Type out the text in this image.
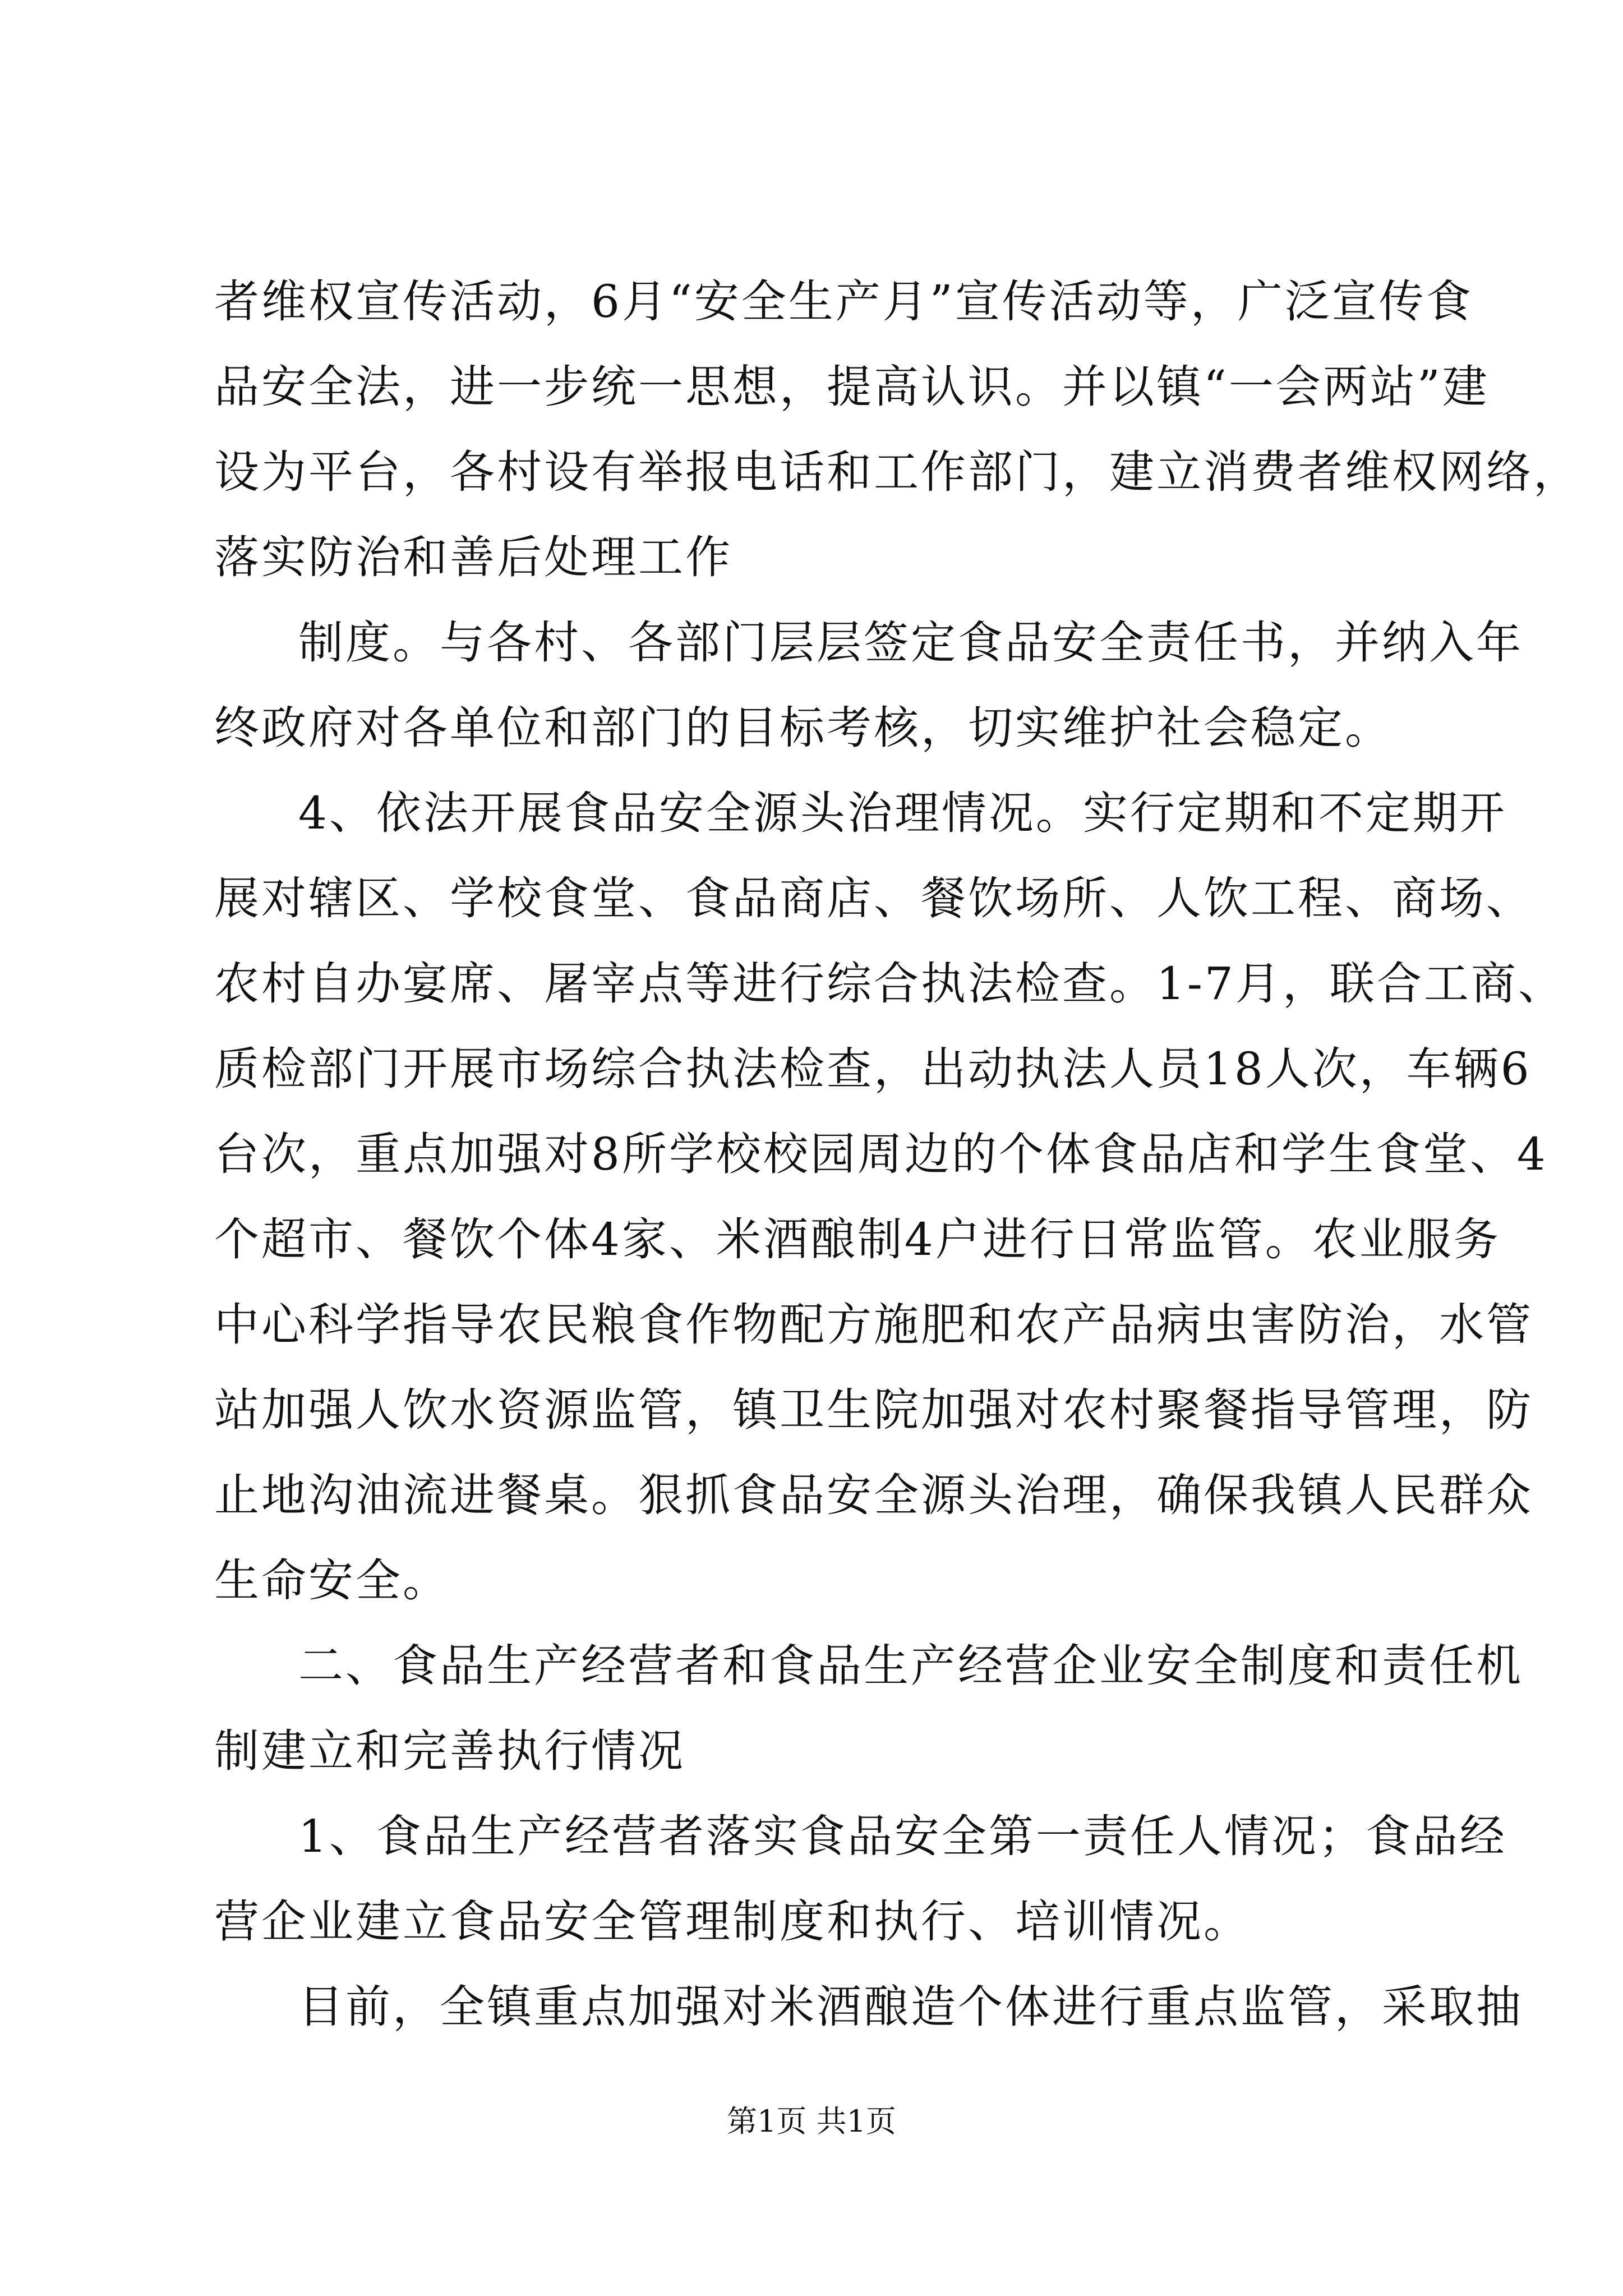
者维权宣传活动，6月“安全生产月”宣传活动等，广泛宣传食
品安全法，进一步统一思想，提高认识。并以镇“一会两站”建
设为平台，各村设有举报电话和工作部门，建立消费者维权网络，
落实防治和善后处理工作
制度。与各村、各部门层层签定食品安全责任书，并纳入年
终政府对各单位和部门的目标考核，切实维护社会稳定。
4、依法开展食品安全源头治理情况。实行定期和不定期开
展对辖区、学校食堂、食品商店、餐饮场所、人饮工程、商场、
农村自办宴席、屠宰点等进行综合执法检查。1-7月，联合工商、
质检部门开展市场综合执法检查，出动执法人员18人次，车辆6
台次，重点加强对8所学校校园周边的个体食品店和学生食堂、4
个超市、餐饮个体4家、米酒酿制4户进行日常监管。农业服务
中心科学指导农民粮食作物配方施肥和农产品病虫害防治，水管
站加强人饮水资源监管，镇卫生院加强对农村聚餐指导管理，防
止地沟油流进餐桌。狠抓食品安全源头治理，确保我镇人民群众
生命安全。
二、食品生产经营者和食品生产经营企业安全制度和责任机
制建立和完善执行情况
1、食品生产经营者落实食品安全第一责任人情况；食品经
营企业建立食品安全管理制度和执行、培训情况。
目前，全镇重点加强对米酒酿造个体进行重点监管，采取抽
第1页 共1页
